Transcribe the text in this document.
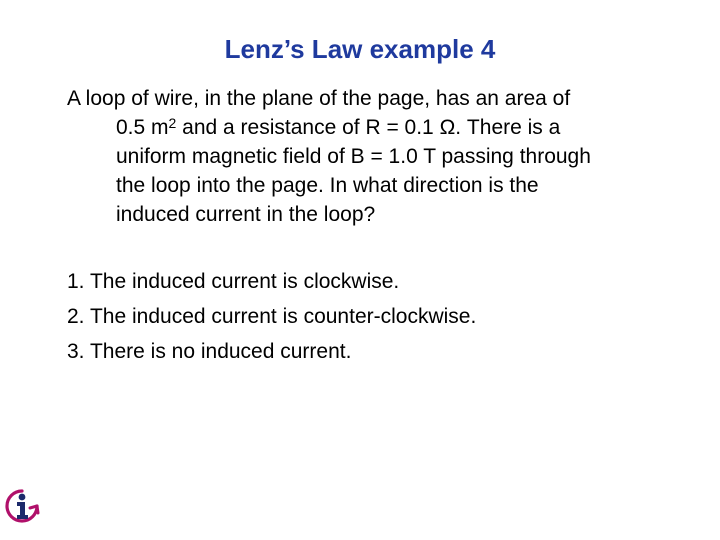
Lenz’s Law example 4
A loop of wire, in the plane of the page, has an area of
0.5 $m^2$ and a resistance of R = 0.1 Ω. There is a
uniform magnetic field of B = 1.0 T passing through
the loop into the page. In what direction is the
induced current in the loop?
1. The induced current is clockwise.
2. The induced current is counter-clockwise.
3. There is no induced current.
